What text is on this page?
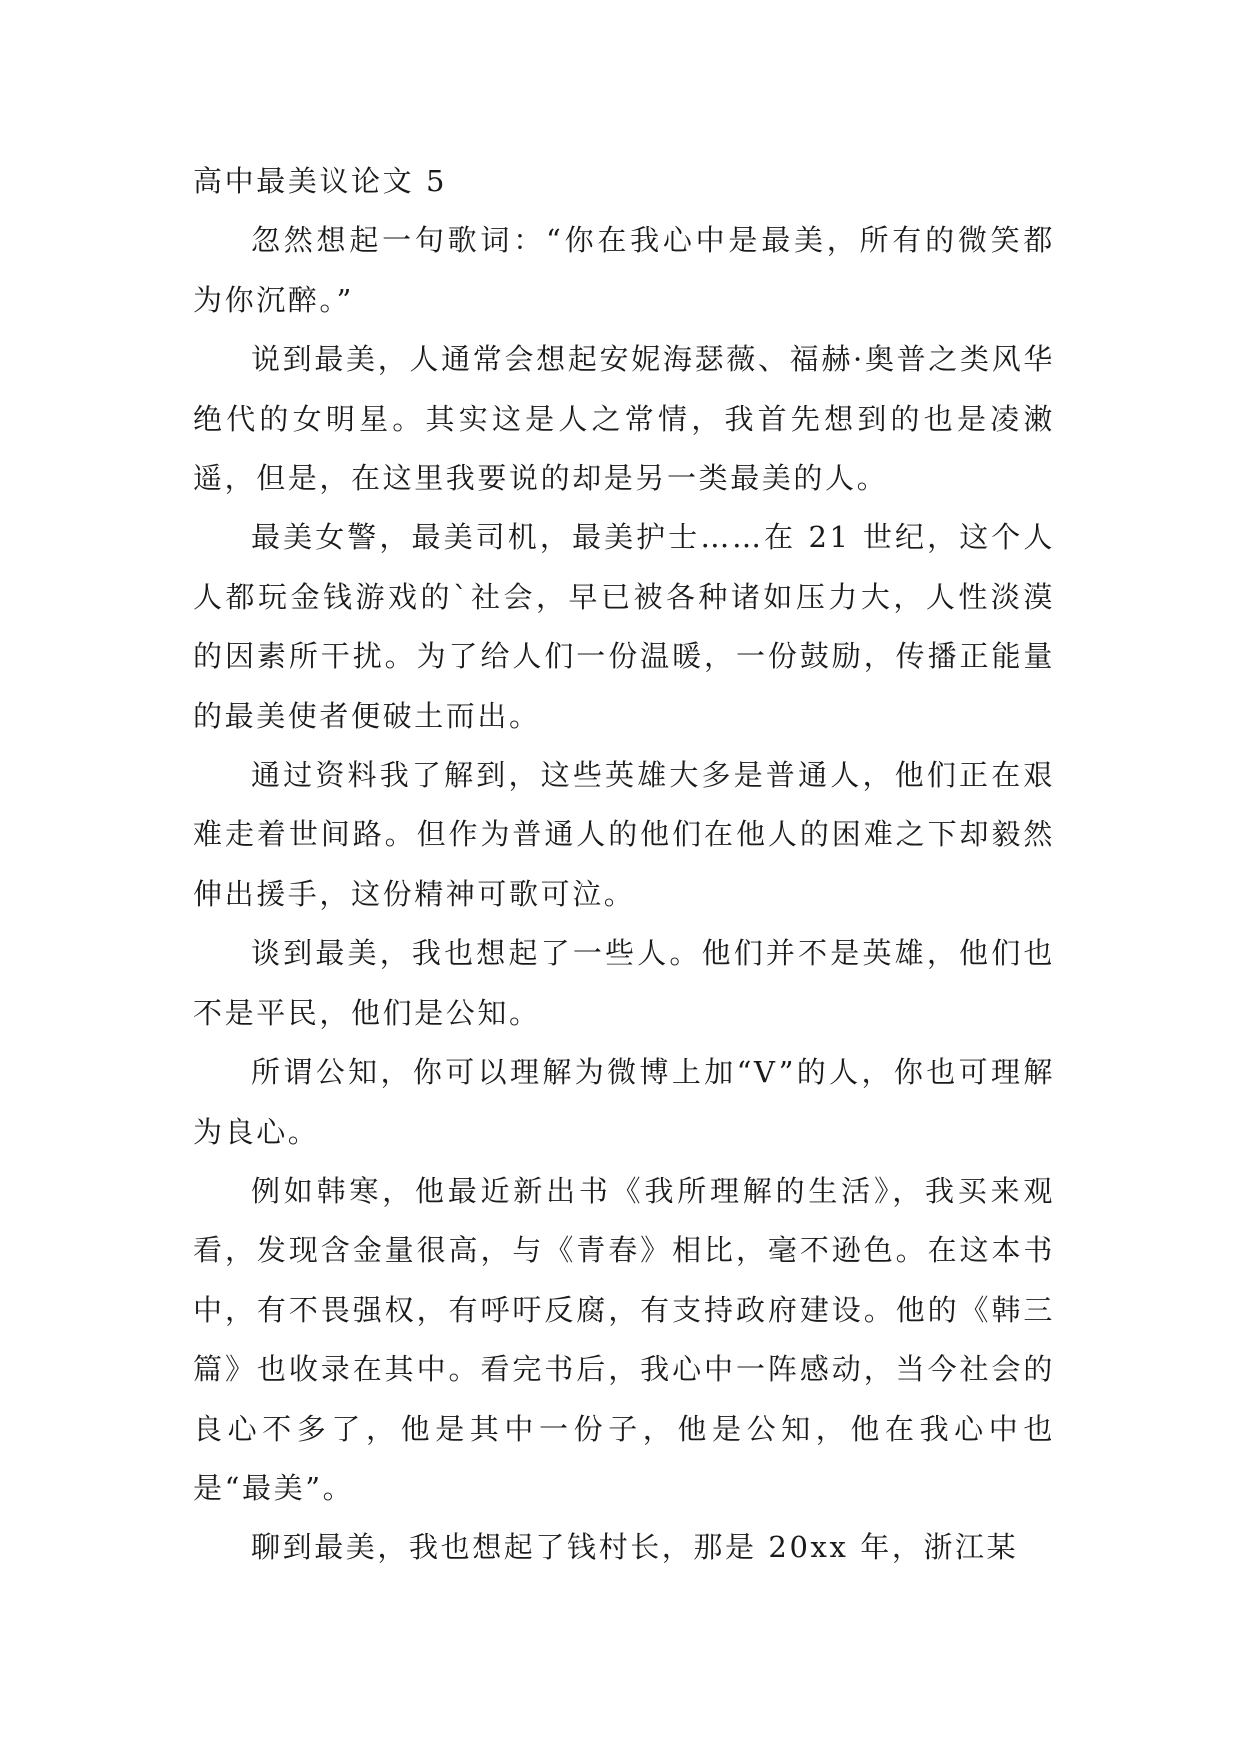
高中最美议论文 5

忽然想起一句歌词：“你在我心中是最美，所有的微笑都为你沉醉。”

说到最美，人通常会想起安妮海瑟薇、福赫·奥普之类风华绝代的女明星。其实这是人之常情，我首先想到的也是凌潄遥，但是，在这里我要说的却是另一类最美的人。

最美女警，最美司机，最美护士……在 21 世纪，这个人人都玩金钱游戏的`社会，早已被各种诸如压力大，人性淡漠的因素所干扰。为了给人们一份温暖，一份鼓励，传播正能量的最美使者便破土而出。

通过资料我了解到，这些英雄大多是普通人，他们正在艰难走着世间路。但作为普通人的他们在他人的困难之下却毅然伸出援手，这份精神可歌可泣。

谈到最美，我也想起了一些人。他们并不是英雄，他们也不是平民，他们是公知。

所谓公知，你可以理解为微博上加“V”的人，你也可理解为良心。

例如韩寒，他最近新出书《我所理解的生活》，我买来观看，发现含金量很高，与《青春》相比，毫不逊色。在这本书中，有不畏强权，有呼吁反腐，有支持政府建设。他的《韩三篇》也收录在其中。看完书后，我心中一阵感动，当今社会的良心不多了，他是其中一份子，他是公知，他在我心中也是“最美”。

聊到最美，我也想起了钱村长，那是 20xx 年，浙江某
